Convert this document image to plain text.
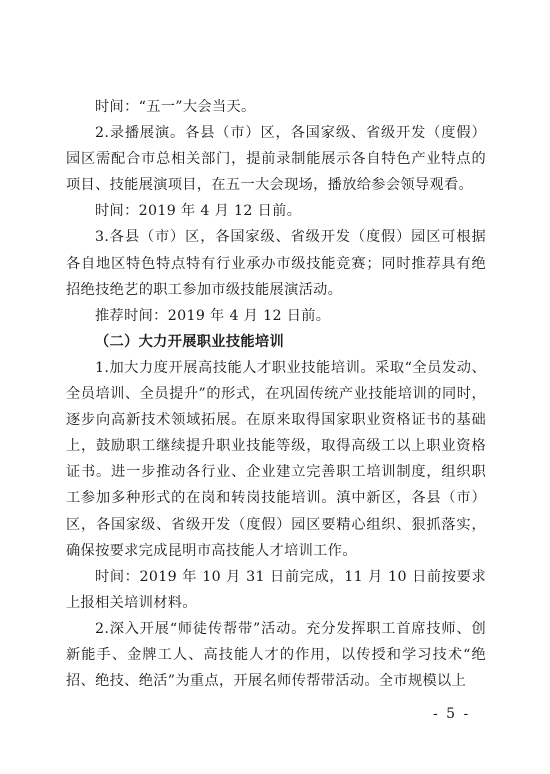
时间：“五一”大会当天。

2.录播展演。各县（市）区，各国家级、省级开发（度假）园区需配合市总相关部门，提前录制能展示各自特色产业特点的项目、技能展演项目，在五一大会现场，播放给参会领导观看。

时间：2019 年 4 月 12 日前。

3.各县（市）区，各国家级、省级开发（度假）园区可根据各自地区特色特点特有行业承办市级技能竞赛；同时推荐具有绝招绝技绝艺的职工参加市级技能展演活动。

推荐时间：2019 年 4 月 12 日前。

（二）大力开展职业技能培训

1.加大力度开展高技能人才职业技能培训。采取“全员发动、全员培训、全员提升”的形式，在巩固传统产业技能培训的同时，逐步向高新技术领域拓展。在原来取得国家职业资格证书的基础上，鼓励职工继续提升职业技能等级，取得高级工以上职业资格证书。进一步推动各行业、企业建立完善职工培训制度，组织职工参加多种形式的在岗和转岗技能培训。滇中新区，各县（市）区，各国家级、省级开发（度假）园区要精心组织、狠抓落实，确保按要求完成昆明市高技能人才培训工作。

时间：2019 年 10 月 31 日前完成，11 月 10 日前按要求上报相关培训材料。

2.深入开展“师徒传帮带”活动。充分发挥职工首席技师、创新能手、金牌工人、高技能人才的作用，以传授和学习技术“绝招、绝技、绝活”为重点，开展名师传帮带活动。全市规模以上

- 5 -
